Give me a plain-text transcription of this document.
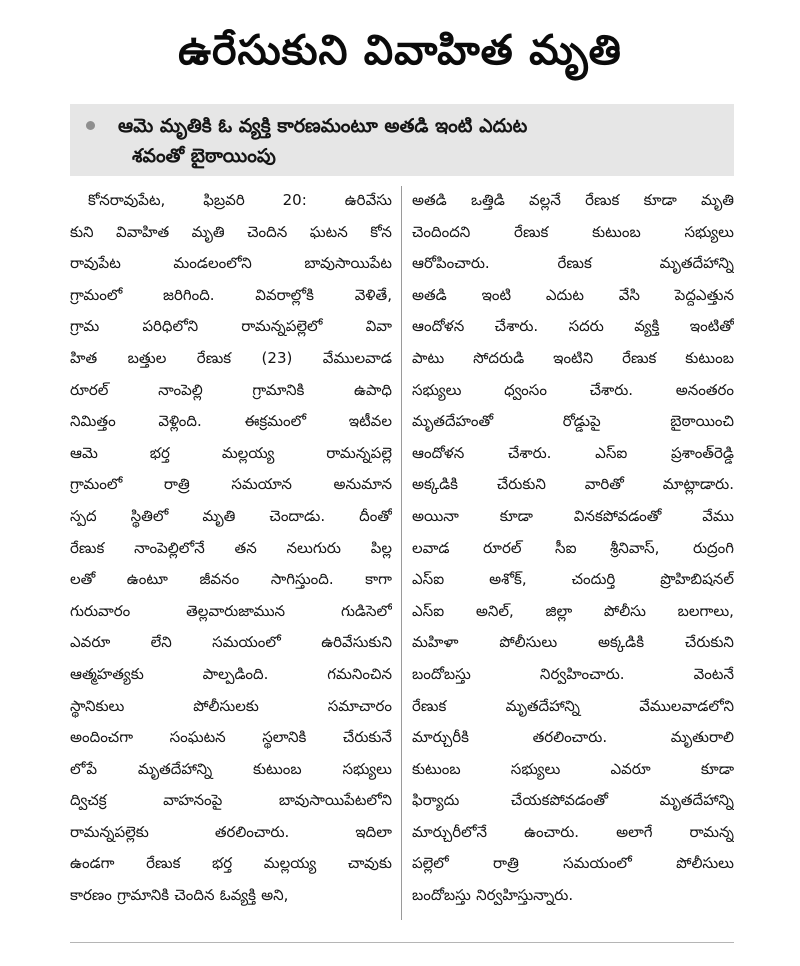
ఉరేసుకుని వివాహిత మృతి
ఆమె మృతికి ఓ వ్యక్తి కారణమంటూ అతడి ఇంటి ఎదుట
శవంతో బైఠాయింపు
కోనరావుపేట,	ఫిబ్రవరి	20:	ఉరివేసు
కుని వివాహిత మృతి చెందిన ఘటన కోన
రావుపేట	మండలంలోని	బావుసాయిపేట
గ్రామంలో	జరిగింది.	వివరాల్లోకి	వెళితే,
గ్రామ	పరిధిలోని	రామన్నపల్లెలో	వివా
హిత బత్తుల రేణుక (23) వేములవాడ
రూరల్	నాంపెల్లి	గ్రామానికి	ఉపాధి
నిమిత్తం	వెళ్లింది.	ఈక్రమంలో	ఇటీవల
ఆమె	భర్త	మల్లయ్య	రామన్నపల్లె
గ్రామంలో	రాత్రి	సమయాన	అనుమాన
స్పద స్థితిలో మృతి చెందాడు. దీంతో
రేణుక నాంపెల్లిలోనే తన నలుగురు పిల్ల
లతో ఉంటూ జీవనం సాగిస్తుంది. కాగా
గురువారం	తెల్లవారుజామున	గుడిసెలో
ఎవరూ	లేని	సమయంలో	ఉరివేసుకుని
ఆత్మహత్యకు	పాల్పడింది.	గమనించిన
స్థానికులు	పోలీసులకు	సమాచారం
అందించగా సంఘటన స్థలానికి చేరుకునే
లోపే	మృతదేహాన్ని	కుటుంబ	సభ్యులు
ద్విచక్ర	వాహనంపై	బావుసాయిపేటలోని
రామన్నపల్లెకు	తరలించారు.	ఇదిలా
ఉండగా రేణుక భర్త మల్లయ్య చావుకు
కారణం గ్రామానికి చెందిన ఓవ్యక్తి అని,
అతడి ఒత్తిడి వల్లనే రేణుక కూడా మృతి
చెందిందని	రేణుక	కుటుంబ	సభ్యులు
ఆరోపించారు.	రేణుక	మృతదేహాన్ని
అతడి ఇంటి ఎదుట వేసి పెద్దఎత్తున
ఆందోళన చేశారు. సదరు వ్యక్తి ఇంటితో
పాటు సోదరుడి ఇంటిని రేణుక కుటుంబ
సభ్యులు	ధ్వంసం	చేశారు.	అనంతరం
మృతదేహంతో	రోడ్డుపై	బైఠాయించి
ఆందోళన	చేశారు.	ఎస్ఐ	ప్రశాంత్‌రెడ్డి
అక్కడికి	చేరుకుని	వారితో	మాట్లాడారు.
అయినా	కూడా	వినకపోవడంతో	వేము
లవాడ రూరల్ సీఐ శ్రీనివాస్, రుద్రంగి
ఎస్ఐ	అశోక్,	చందుర్తి	ప్రొహిబిషనల్
ఎస్ఐ అనిల్, జిల్లా పోలీసు బలగాలు,
మహిళా	పోలీసులు	అక్కడికి	చేరుకుని
బందోబస్తు	నిర్వహించారు.	వెంటనే
రేణుక	మృతదేహాన్ని	వేములవాడలోని
మార్చురీకి	తరలించారు.	మృతురాలి
కుటుంబ	సభ్యులు	ఎవరూ	కూడా
ఫిర్యాదు	చేయకపోవడంతో	మృతదేహాన్ని
మార్చురీలోనే ఉంచారు. అలాగే రామన్న
పల్లెలో	రాత్రి	సమయంలో	పోలీసులు
బందోబస్తు నిర్వహిస్తున్నారు.
